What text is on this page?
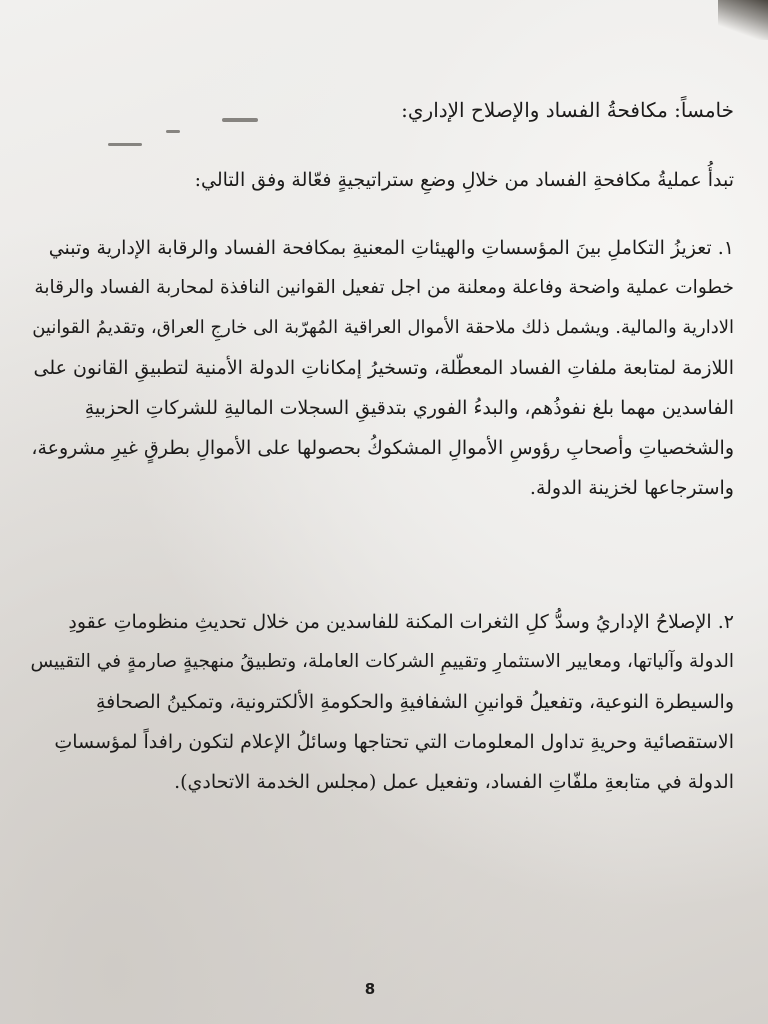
خامساً: مكافحةُ الفساد والإصلاح الإداري:
تبدأُ عمليةُ مكافحةِ الفساد من خلالِ وضعِ ستراتيجيةٍ فعّالة وفق التالي:
١. تعزيزُ التكاملِ بينَ المؤسساتِ والهيئاتِ المعنيةِ بمكافحة الفساد والرقابة الإدارية وتبني
خطوات عملية واضحة وفاعلة ومعلنة من اجل تفعيل القوانين النافذة لمحاربة الفساد والرقابة
الادارية والمالية. ويشمل ذلك ملاحقة الأموال العراقية المُهرّبة الى خارجِ العراق، وتقديمُ القوانين
اللازمة لمتابعة ملفاتِ الفساد المعطّلة، وتسخيرُ إمكاناتِ الدولة الأمنية لتطبيقِ القانون على
الفاسدين مهما بلغ نفوذُهم، والبدءُ الفوري بتدقيقِ السجلات الماليةِ للشركاتِ الحزبيةِ
والشخصياتِ وأصحابِ رؤوسِ الأموالِ المشكوكُ بحصولها على الأموالِ بطرقٍ غيرِ مشروعة،
واسترجاعها لخزينة الدولة.
٢. الإصلاحُ الإداريُ وسدُّ كلِ الثغرات المكنة للفاسدين من خلال تحديثِ منظوماتِ عقودِ
الدولة وآلياتها، ومعايير الاستثمارِ وتقييمِ الشركات العاملة، وتطبيقُ منهجيةٍ صارمةٍ في التقييس
والسيطرة النوعية، وتفعيلُ قوانينِ الشفافيةِ والحكومةِ الألكترونية، وتمكينُ الصحافةِ
الاستقصائية وحريةِ تداول المعلومات التي تحتاجها وسائلُ الإعلام لتكون رافداً لمؤسساتِ
الدولة في متابعةِ ملفّاتِ الفساد، وتفعيل عمل (مجلس الخدمة الاتحادي).
8
